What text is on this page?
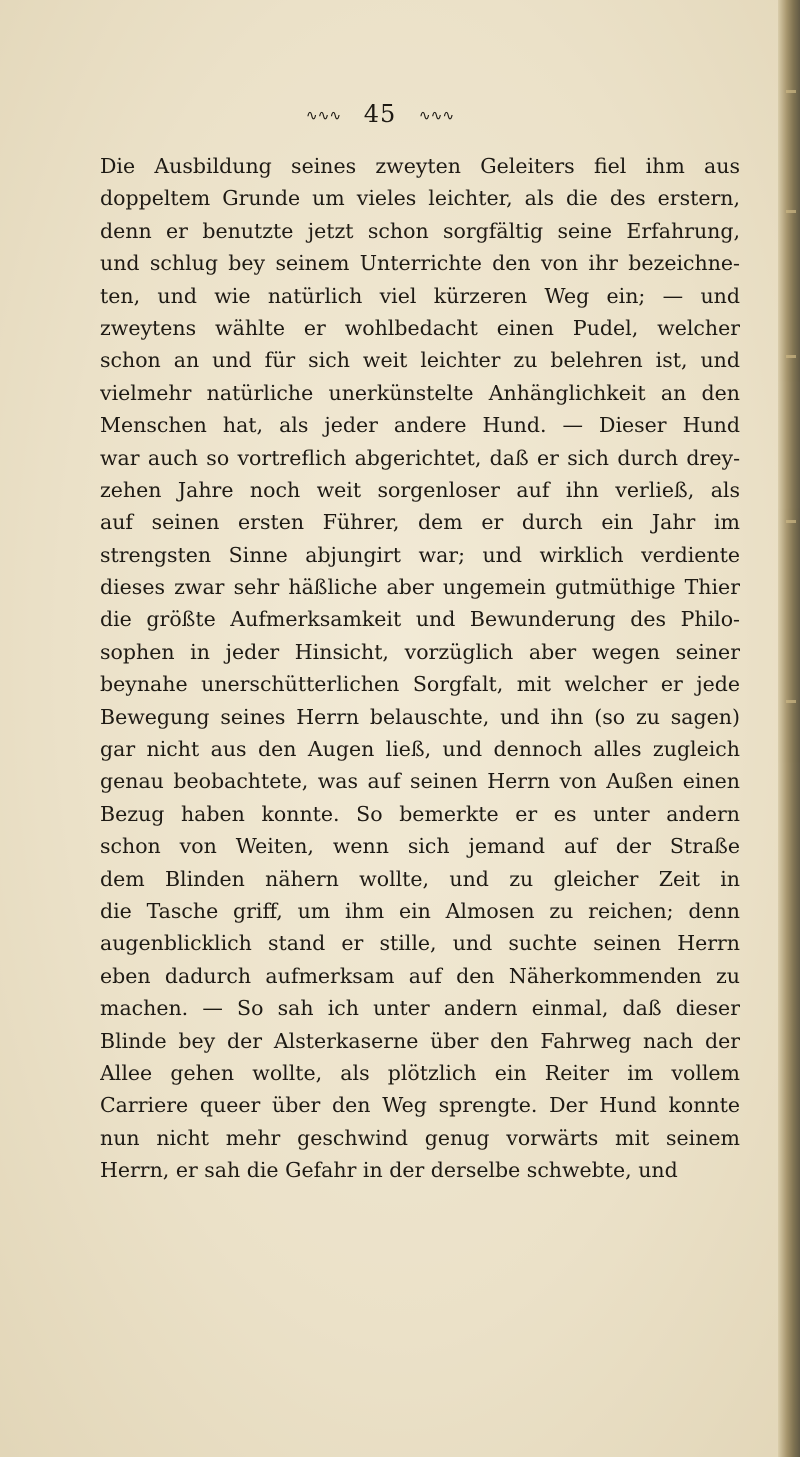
∿∿∿ 45 ∿∿∿
Die Ausbildung seines zweyten Geleiters fiel ihm aus
doppeltem Grunde um vieles leichter, als die des erstern,
denn er benutzte jetzt schon sorgfältig seine Erfahrung,
und schlug bey seinem Unterrichte den von ihr bezeichne-
ten, und wie natürlich viel kürzeren Weg ein; — und
zweytens wählte er wohlbedacht einen Pudel, welcher
schon an und für sich weit leichter zu belehren ist, und
vielmehr natürliche unerkünstelte Anhänglichkeit an den
Menschen hat, als jeder andere Hund. — Dieser Hund
war auch so vortreflich abgerichtet, daß er sich durch drey-
zehen Jahre noch weit sorgenloser auf ihn verließ, als
auf seinen ersten Führer, dem er durch ein Jahr im
strengsten Sinne abjungirt war; und wirklich verdiente
dieses zwar sehr häßliche aber ungemein gutmüthige Thier
die größte Aufmerksamkeit und Bewunderung des Philo-
sophen in jeder Hinsicht, vorzüglich aber wegen seiner
beynahe unerschütterlichen Sorgfalt, mit welcher er jede
Bewegung seines Herrn belauschte, und ihn (so zu sagen)
gar nicht aus den Augen ließ, und dennoch alles zugleich
genau beobachtete, was auf seinen Herrn von Außen einen
Bezug haben konnte. So bemerkte er es unter andern
schon von Weiten, wenn sich jemand auf der Straße
dem Blinden nähern wollte, und zu gleicher Zeit in
die Tasche griff, um ihm ein Almosen zu reichen; denn
augenblicklich stand er stille, und suchte seinen Herrn
eben dadurch aufmerksam auf den Näherkommenden zu
machen. — So sah ich unter andern einmal, daß dieser
Blinde bey der Alsterkaserne über den Fahrweg nach der
Allee gehen wollte, als plötzlich ein Reiter im vollem
Carriere queer über den Weg sprengte. Der Hund konnte
nun nicht mehr geschwind genug vorwärts mit seinem
Herrn, er sah die Gefahr in der derselbe schwebte, und
